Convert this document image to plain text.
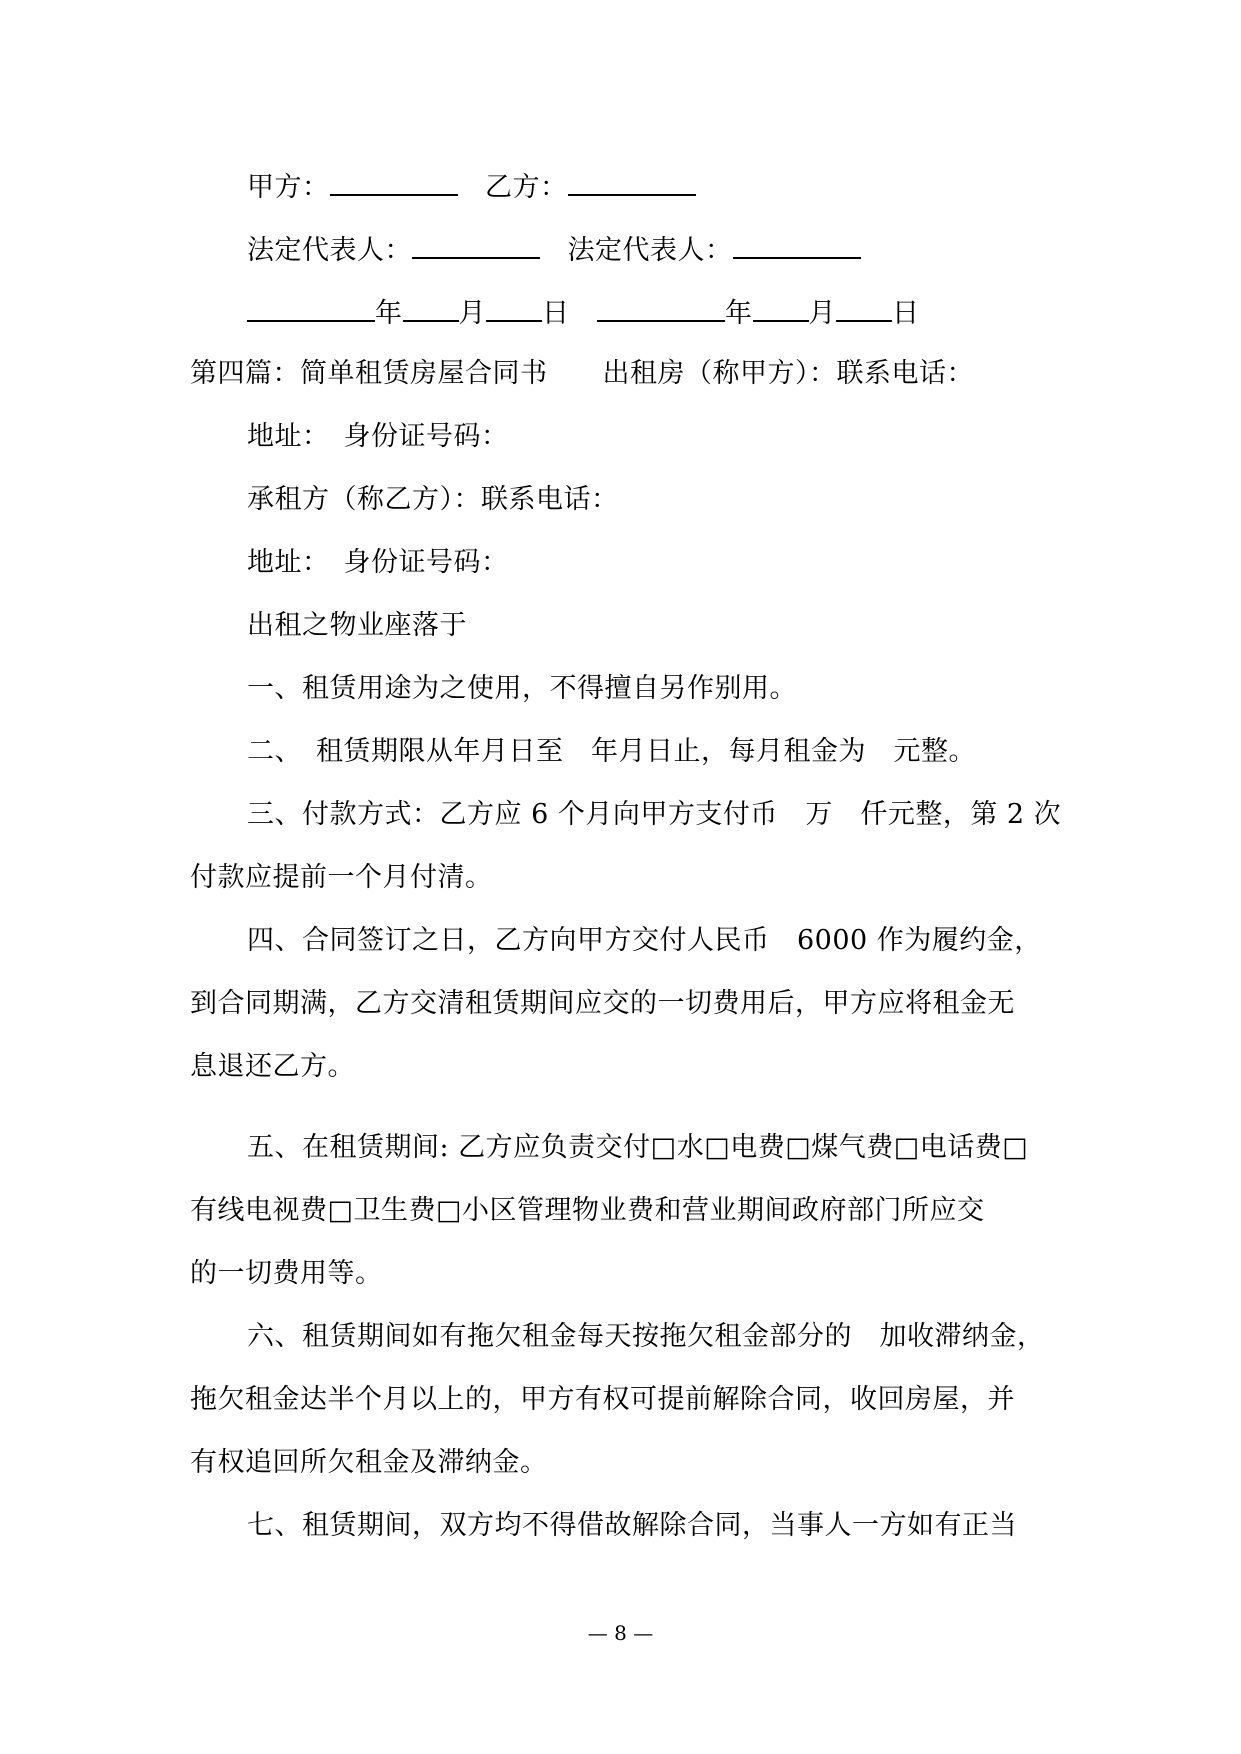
甲方：　	乙方：
法定代表人：　	法定代表人：
年 月 日　	年 月 日
第四篇：简单租赁房屋合同书　　 出租房（称甲方）：联系电话：
地址：　身份证号码：
承租方（称乙方）：联系电话：
地址：　身份证号码：
出租之物业座落于
一、租赁用途为之使用，不得擅自另作别用。
二、　租赁期限从年月日至　年月日止，每月租金为　元整。
三、付款方式：乙方应 6 个月向甲方支付币　万　仟元整，第 2 次
付款应提前一个月付清。
四、合同签订之日，乙方向甲方交付人民币　6000 作为履约金，
到合同期满，乙方交清租赁期间应交的一切费用后，甲方应将租金无
息退还乙方。
五、在租赁期间: 乙方应负责交付□水□电费□煤气费□电话费□
有线电视费□卫生费□小区管理物业费和营业期间政府部门所应交
的一切费用等。
六、租赁期间如有拖欠租金每天按拖欠租金部分的　加收滞纳金，
拖欠租金达半个月以上的，甲方有权可提前解除合同，收回房屋，并
有权追回所欠租金及滞纳金。
七、租赁期间，双方均不得借故解除合同，当事人一方如有正当
— 8 —
